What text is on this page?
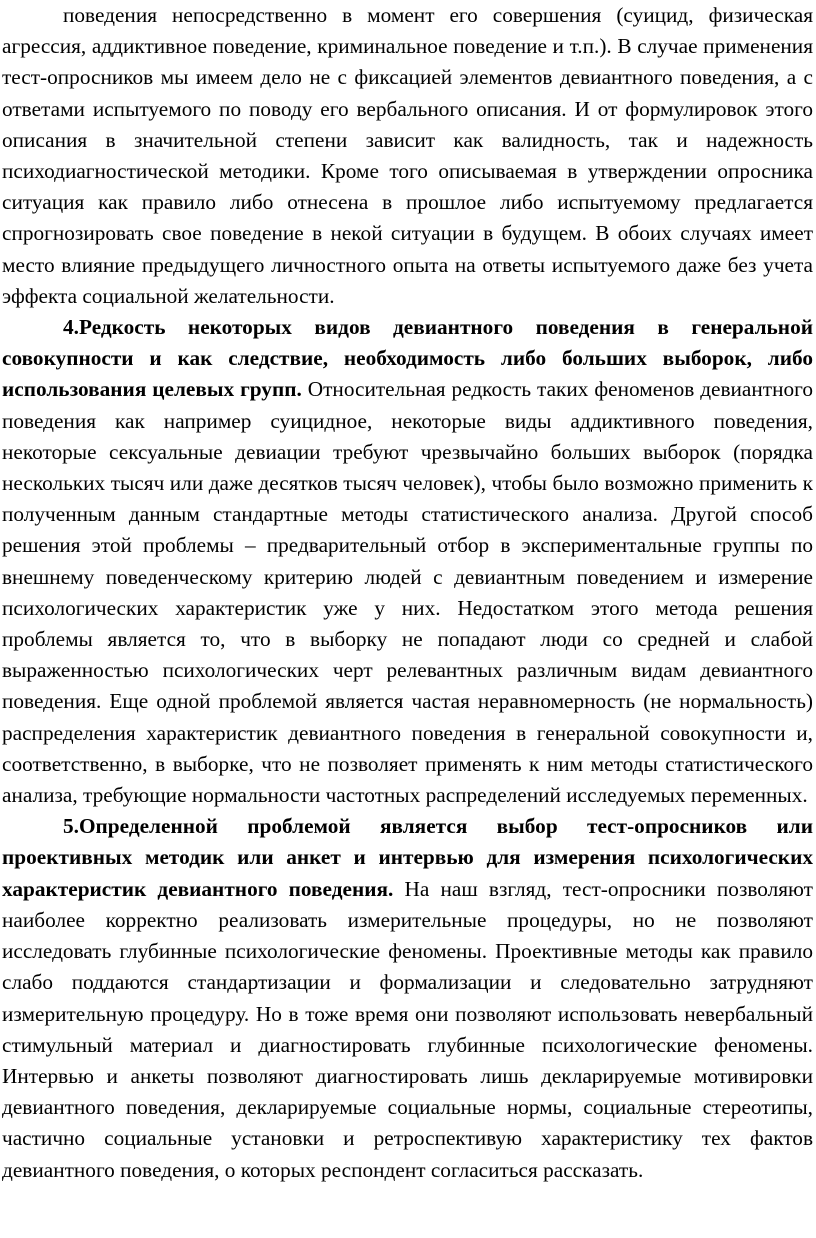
поведения непосредственно в момент его совершения (суицид, физическая агрессия, аддиктивное поведение, криминальное поведение и т.п.). В случае применения тест-опросников мы имеем дело не с фиксацией элементов девиантного поведения, а с ответами испытуемого по поводу его вербального описания. И от формулировок этого описания в значительной степени зависит как валидность, так и надежность психодиагностической методики. Кроме того описываемая в утверждении опросника ситуация как правило либо отнесена в прошлое либо испытуемому предлагается спрогнозировать свое поведение в некой ситуации в будущем. В обоих случаях имеет место влияние предыдущего личностного опыта на ответы испытуемого даже без учета эффекта социальной желательности.

4.Редкость некоторых видов девиантного поведения в генеральной совокупности и как следствие, необходимость либо больших выборок, либо использования целевых групп. Относительная редкость таких феноменов девиантного поведения как например суицидное, некоторые виды аддиктивного поведения, некоторые сексуальные девиации требуют чрезвычайно больших выборок (порядка нескольких тысяч или даже десятков тысяч человек), чтобы было возможно применить к полученным данным стандартные методы статистического анализа. Другой способ решения этой проблемы – предварительный отбор в экспериментальные группы по внешнему поведенческому критерию людей с девиантным поведением и измерение психологических характеристик уже у них. Недостатком этого метода решения проблемы является то, что в выборку не попадают люди со средней и слабой выраженностью психологических черт релевантных различным видам девиантного поведения. Еще одной проблемой является частая неравномерность (не нормальность) распределения характеристик девиантного поведения в генеральной совокупности и, соответственно, в выборке, что не позволяет применять к ним методы статистического анализа, требующие нормальности частотных распределений исследуемых переменных.

5.Определенной проблемой является выбор тест-опросников или проективных методик или анкет и интервью для измерения психологических характеристик девиантного поведения. На наш взгляд, тест-опросники позволяют наиболее корректно реализовать измерительные процедуры, но не позволяют исследовать глубинные психологические феномены. Проективные методы как правило слабо поддаются стандартизации и формализации и следовательно затрудняют измерительную процедуру. Но в тоже время они позволяют использовать невербальный стимульный материал и диагностировать глубинные психологические феномены. Интервью и анкеты позволяют диагностировать лишь декларируемые мотивировки девиантного поведения, декларируемые социальные нормы, социальные стереотипы, частично социальные установки и ретроспективую характеристику тех фактов девиантного поведения, о которых респондент согласиться рассказать.
